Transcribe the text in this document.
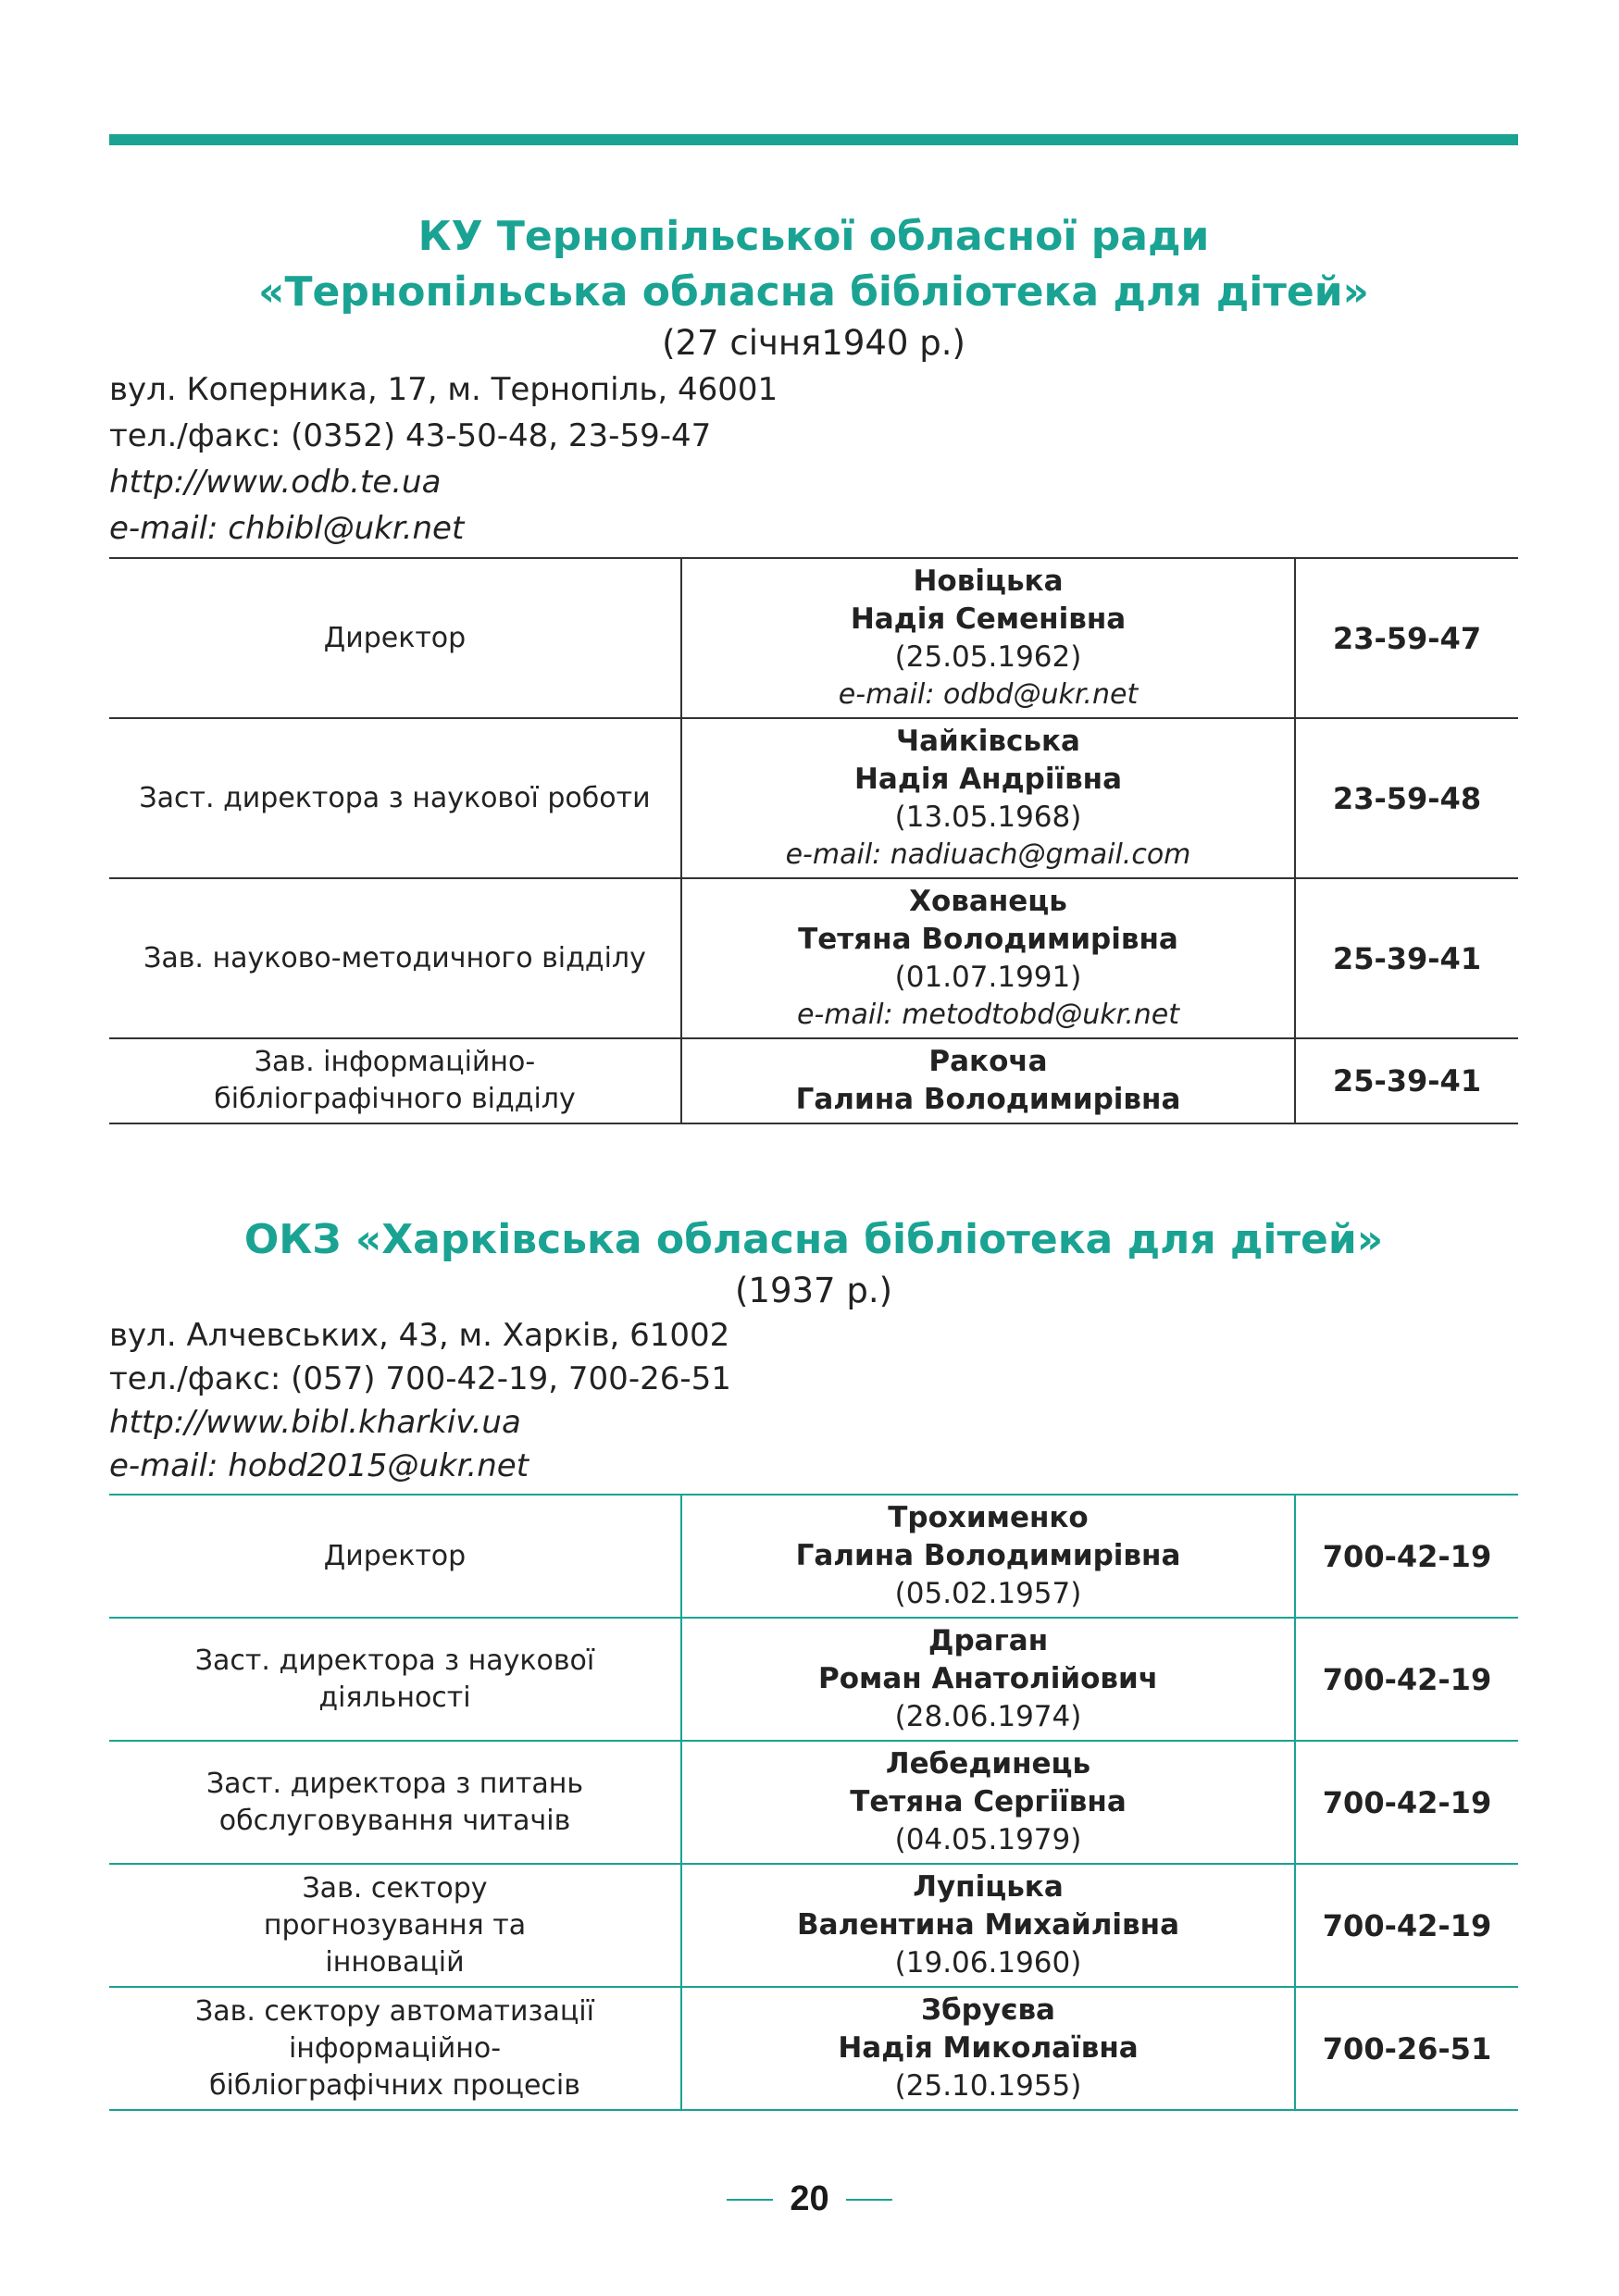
КУ Тернопільської обласної ради
«Тернопільська обласна бібліотека для дітей»
(27 січня1940 р.)
вул. Коперника, 17, м. Тернопіль, 46001
тел./факс: (0352) 43-50-48, 23-59-47
http://www.odb.te.ua
e-mail: chbibl@ukr.net
Директор	Новіцька
Надія Семенівна
(25.05.1962)
e-mail: odbd@ukr.net	23-59-47
Заст. директора з наукової роботи	Чайківська
Надія Андріївна
(13.05.1968)
e-mail: nadiuach@gmail.com	23-59-48
Зав. науково-методичного відділу	Хованець
Тетяна Володимирівна
(01.07.1991)
e-mail: metodtobd@ukr.net	25-39-41
Зав. інформаційно-бібліографічного відділу	Ракоча
Галина Володимирівна	25-39-41
ОКЗ «Харківська обласна бібліотека для дітей»
(1937 р.)
вул. Алчевських, 43, м. Харків, 61002
тел./факс: (057) 700-42-19, 700-26-51
http://www.bibl.kharkiv.ua
e-mail: hobd2015@ukr.net
Директор	Трохименко
Галина Володимирівна
(05.02.1957)	700-42-19
Заст. директора з наукової діяльності	Драган
Роман Анатолійович
(28.06.1974)	700-42-19
Заст. директора з питань обслуговування читачів	Лебединець
Тетяна Сергіївна
(04.05.1979)	700-42-19
Зав. сектору прогнозування та інновацій	Лупіцька
Валентина Михайлівна
(19.06.1960)	700-42-19
Зав. сектору автоматизації інформаційно-бібліографічних процесів	Збруєва
Надія Миколаївна
(25.10.1955)	700-26-51
20
